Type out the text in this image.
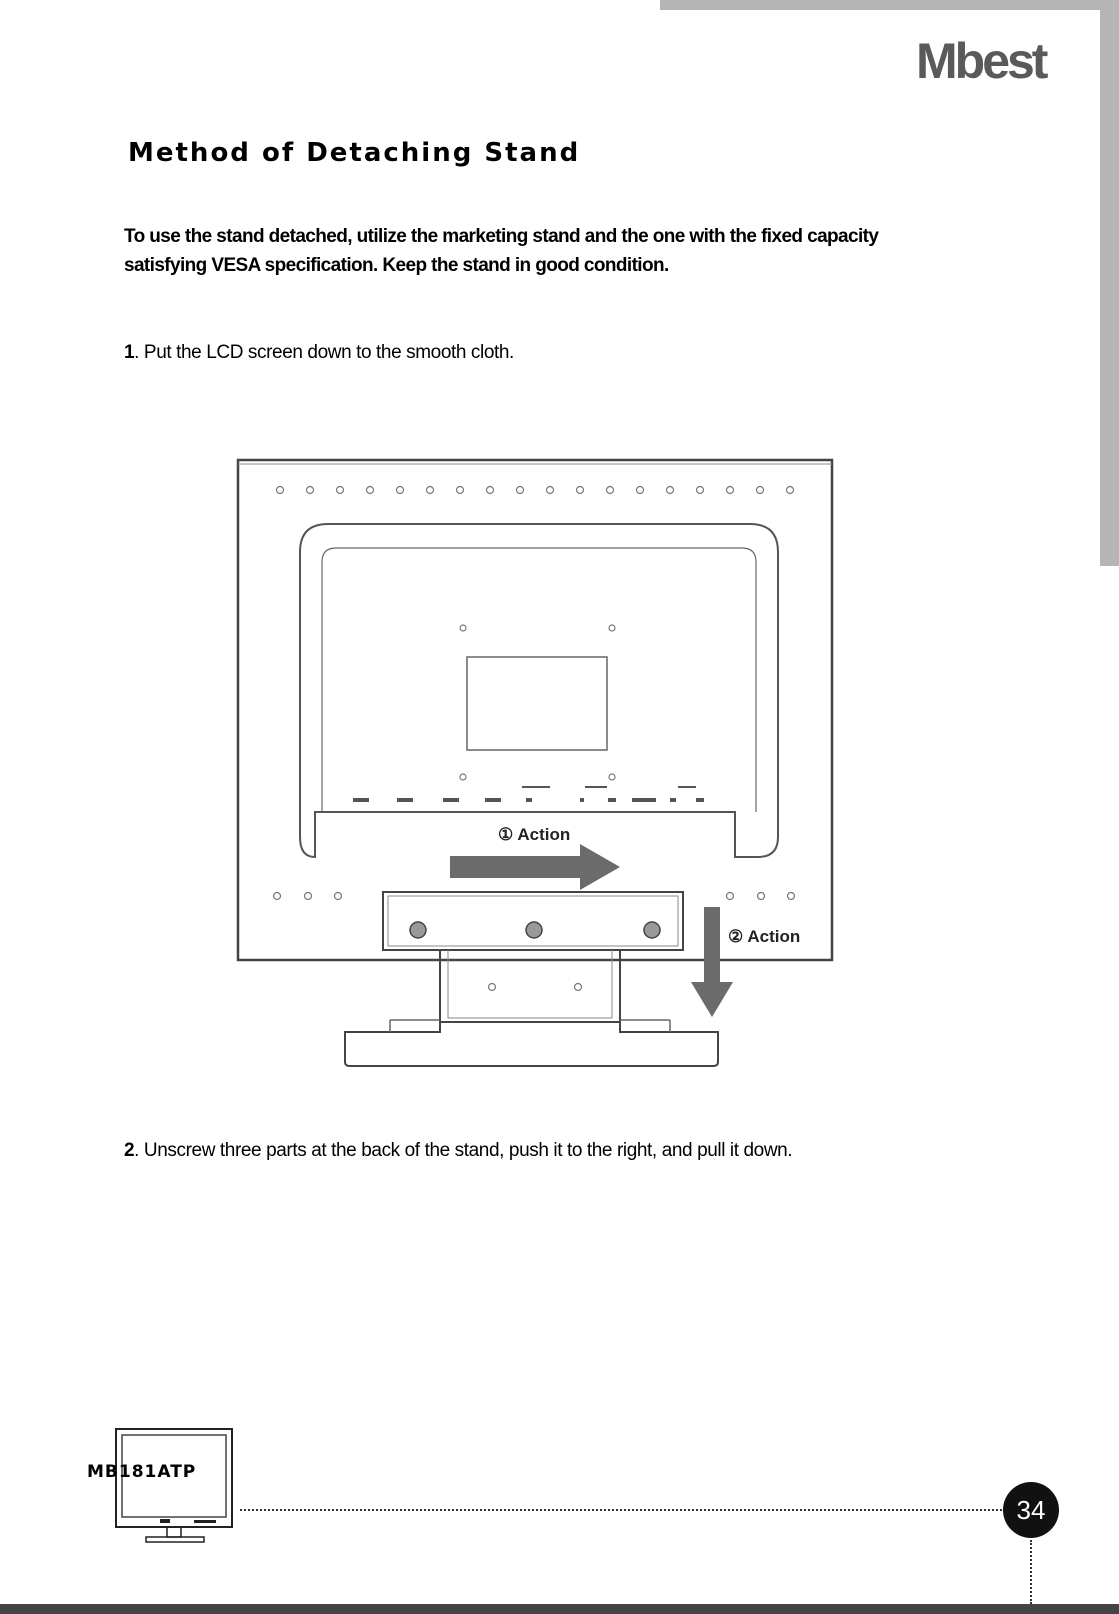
Mbest
Method of Detaching Stand
To use the stand detached, utilize the marketing stand and the one with the fixed capacity satisfying VESA specification. Keep the stand in good condition.
1. Put the LCD screen down to the smooth cloth.
① Action
② Action
2. Unscrew three parts at the back of the stand, push it to the right, and pull it down.
MB181ATP
34
